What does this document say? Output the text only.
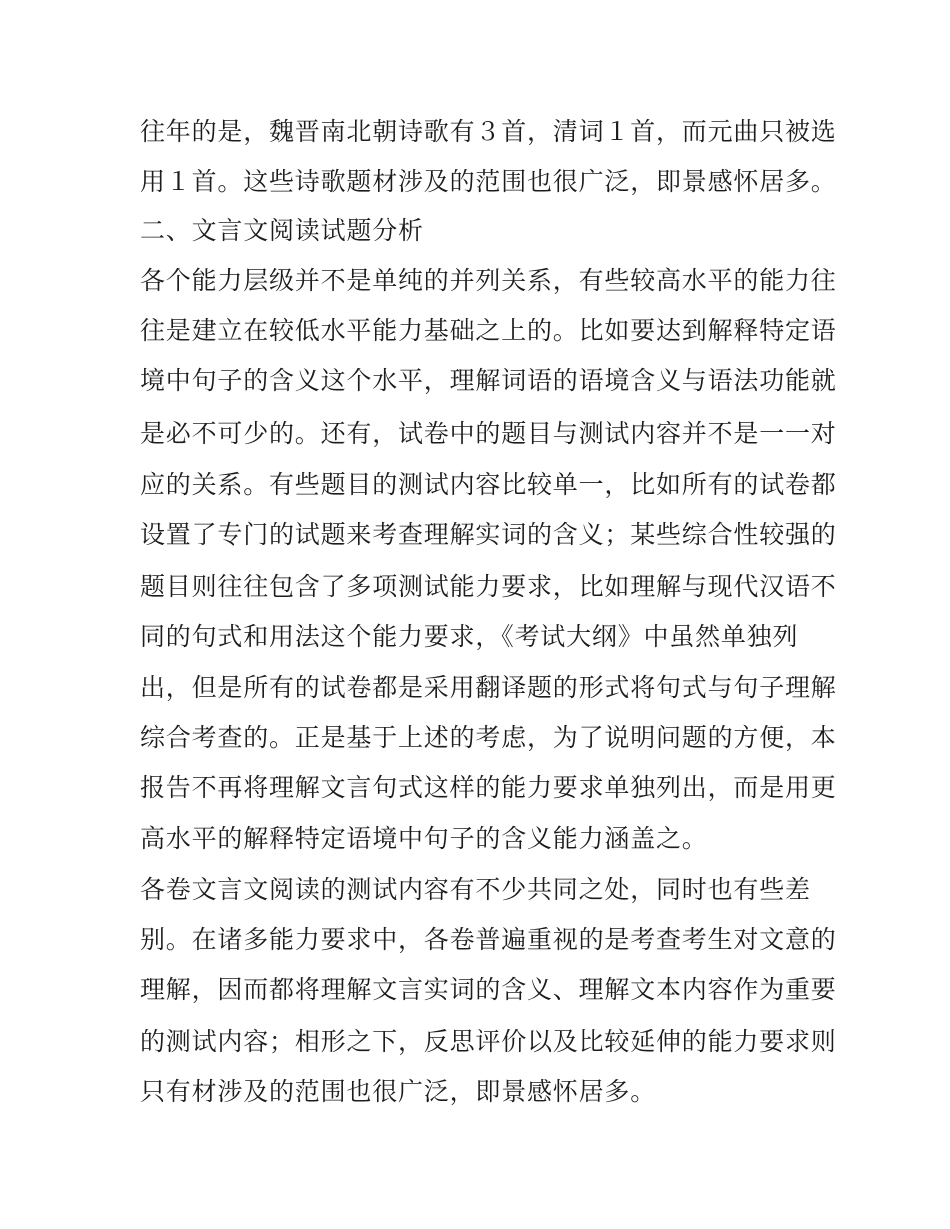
往年的是，魏晋南北朝诗歌有３首，清词１首，而元曲只被选
用１首。这些诗歌题材涉及的范围也很广泛，即景感怀居多。
二、文言文阅读试题分析
各个能力层级并不是单纯的并列关系，有些较高水平的能力往
往是建立在较低水平能力基础之上的。比如要达到解释特定语
境中句子的含义这个水平，理解词语的语境含义与语法功能就
是必不可少的。还有，试卷中的题目与测试内容并不是一一对
应的关系。有些题目的测试内容比较单一，比如所有的试卷都
设置了专门的试题来考查理解实词的含义；某些综合性较强的
题目则往往包含了多项测试能力要求，比如理解与现代汉语不
同的句式和用法这个能力要求，《考试大纲》中虽然单独列
出，但是所有的试卷都是采用翻译题的形式将句式与句子理解
综合考查的。正是基于上述的考虑，为了说明问题的方便，本
报告不再将理解文言句式这样的能力要求单独列出，而是用更
高水平的解释特定语境中句子的含义能力涵盖之。
各卷文言文阅读的测试内容有不少共同之处，同时也有些差
别。在诸多能力要求中，各卷普遍重视的是考查考生对文意的
理解，因而都将理解文言实词的含义、理解文本内容作为重要
的测试内容；相形之下，反思评价以及比较延伸的能力要求则
只有材涉及的范围也很广泛，即景感怀居多。
